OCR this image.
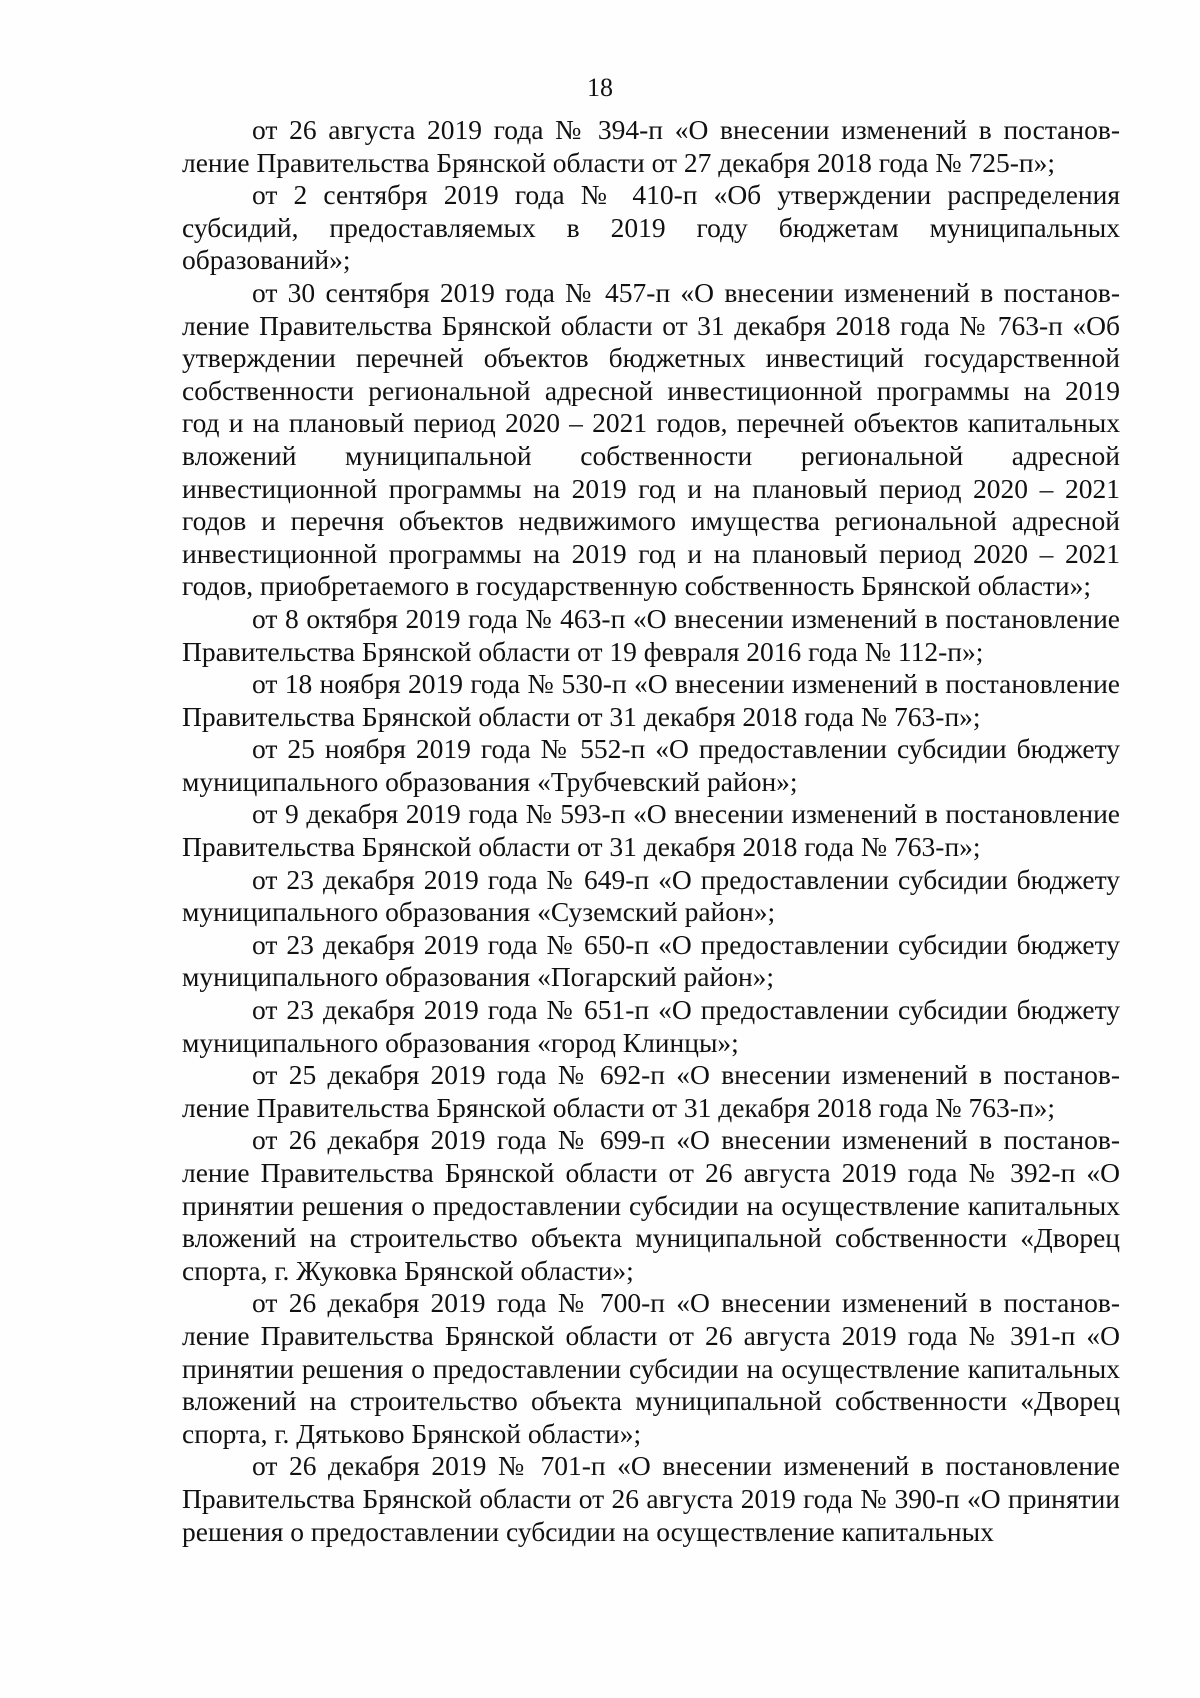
18

от 26 августа 2019 года № 394-п «О внесении изменений в постановление Правительства Брянской области от 27 декабря 2018 года № 725-п»;

от 2 сентября 2019 года № 410-п «Об утверждении распределения субсидий, предоставляемых в 2019 году бюджетам муниципальных образований»;

от 30 сентября 2019 года № 457-п «О внесении изменений в постановление Правительства Брянской области от 31 декабря 2018 года № 763-п «Об утверждении перечней объектов бюджетных инвестиций государственной собственности региональной адресной инвестиционной программы на 2019 год и на плановый период 2020 – 2021 годов, перечней объектов капитальных вложений муниципальной собственности региональной адресной инвестиционной программы на 2019 год и на плановый период 2020 – 2021 годов и перечня объектов недвижимого имущества региональной адресной инвестиционной программы на 2019 год и на плановый период 2020 – 2021 годов, приобретаемого в государственную собственность Брянской области»;

от 8 октября 2019 года № 463-п «О внесении изменений в постановление Правительства Брянской области от 19 февраля 2016 года № 112-п»;

от 18 ноября 2019 года № 530-п «О внесении изменений в постановление Правительства Брянской области от 31 декабря 2018 года № 763-п»;

от 25 ноября 2019 года № 552-п «О предоставлении субсидии бюджету муниципального образования «Трубчевский район»;

от 9 декабря 2019 года № 593-п «О внесении изменений в постановление Правительства Брянской области от 31 декабря 2018 года № 763-п»;

от 23 декабря 2019 года № 649-п «О предоставлении субсидии бюджету муниципального образования «Суземский район»;

от 23 декабря 2019 года № 650-п «О предоставлении субсидии бюджету муниципального образования «Погарский район»;

от 23 декабря 2019 года № 651-п «О предоставлении субсидии бюджету муниципального образования «город Клинцы»;

от 25 декабря 2019 года № 692-п «О внесении изменений в постановление Правительства Брянской области от 31 декабря 2018 года № 763-п»;

от 26 декабря 2019 года № 699-п «О внесении изменений в постановление Правительства Брянской области от 26 августа 2019 года № 392-п «О принятии решения о предоставлении субсидии на осуществление капитальных вложений на строительство объекта муниципальной собственности «Дворец спорта, г. Жуковка Брянской области»;

от 26 декабря 2019 года № 700-п «О внесении изменений в постановление Правительства Брянской области от 26 августа 2019 года № 391-п «О принятии решения о предоставлении субсидии на осуществление капитальных вложений на строительство объекта муниципальной собственности «Дворец спорта, г. Дятьково Брянской области»;

от 26 декабря 2019 № 701-п «О внесении изменений в постановление Правительства Брянской области от 26 августа 2019 года № 390-п «О принятии решения о предоставлении субсидии на осуществление капитальных
